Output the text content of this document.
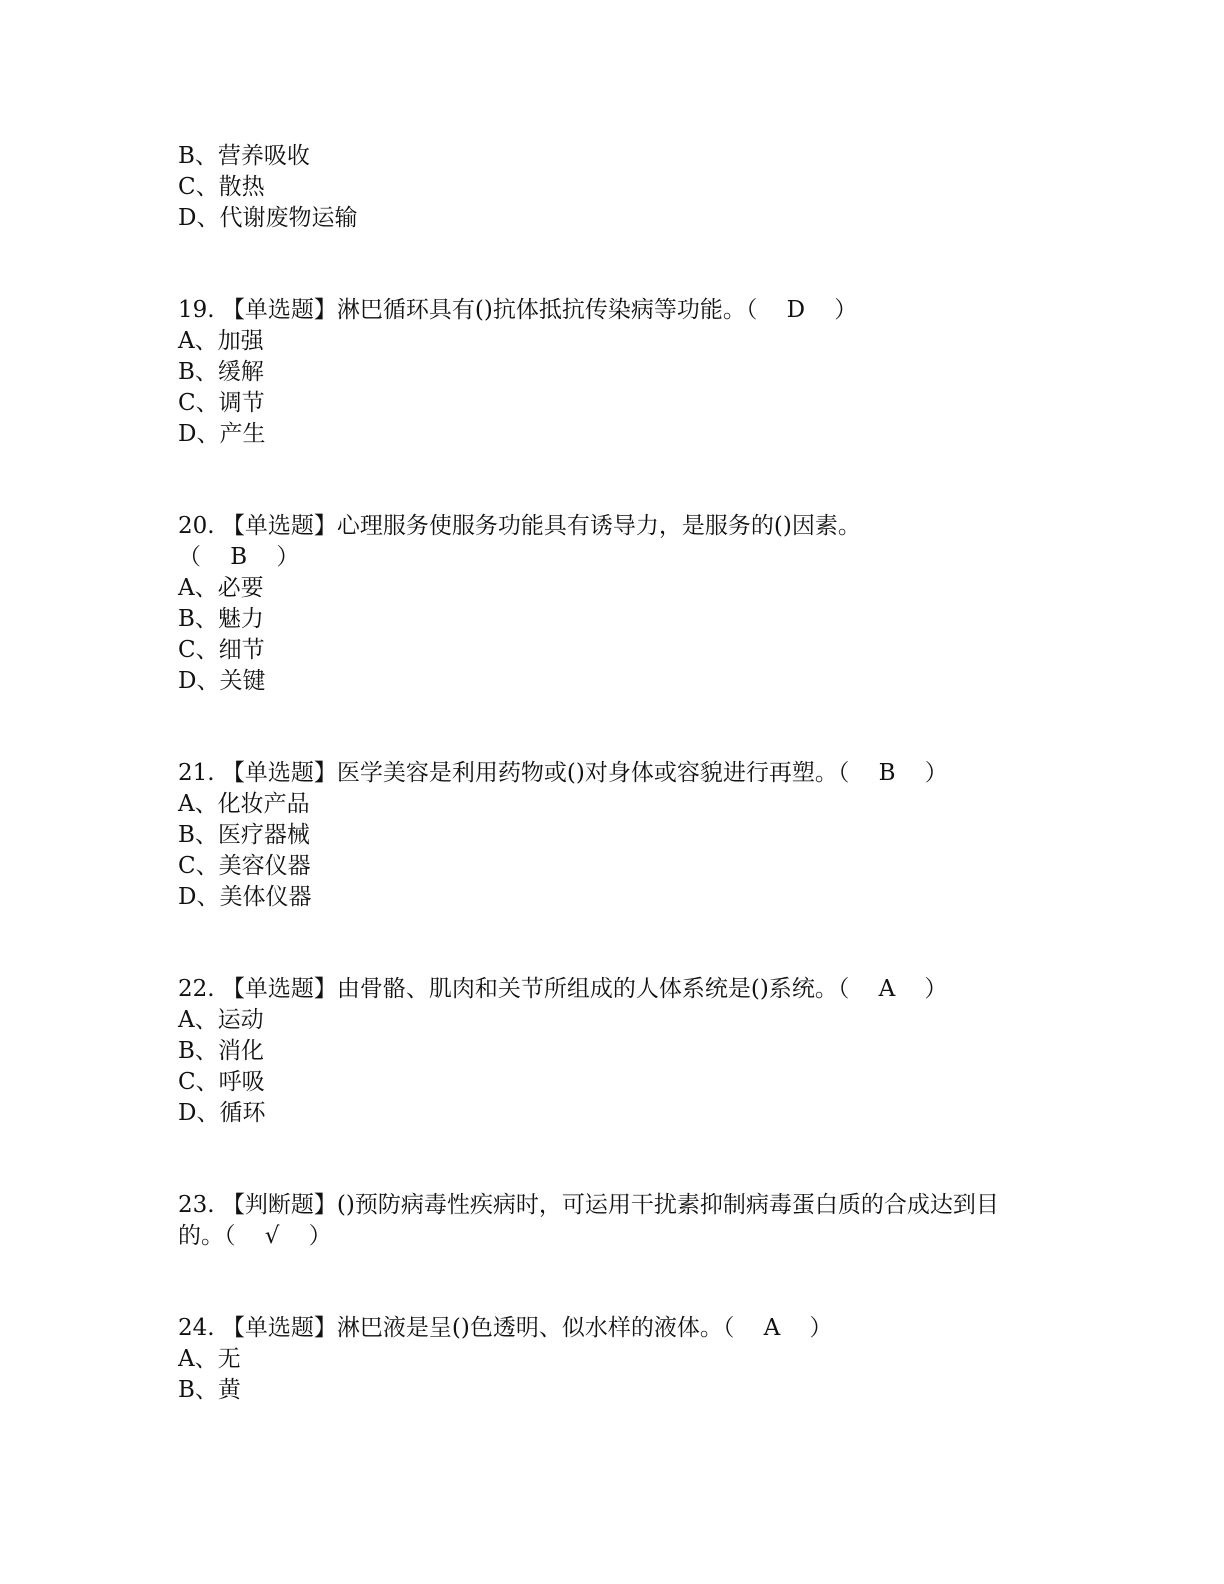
B、营养吸收
C、散热
D、代谢废物运输
19. 【单选题】淋巴循环具有()抗体抵抗传染病等功能。（    D    ）
A、加强
B、缓解
C、调节
D、产生
20. 【单选题】心理服务使服务功能具有诱导力，是服务的()因素。
（    B    ）
A、必要
B、魅力
C、细节
D、关键
21. 【单选题】医学美容是利用药物或()对身体或容貌进行再塑。（    B    ）
A、化妆产品
B、医疗器械
C、美容仪器
D、美体仪器
22. 【单选题】由骨骼、肌肉和关节所组成的人体系统是()系统。（    A    ）
A、运动
B、消化
C、呼吸
D、循环
23. 【判断题】()预防病毒性疾病时，可运用干扰素抑制病毒蛋白质的合成达到目
的。（    √    ）
24. 【单选题】淋巴液是呈()色透明、似水样的液体。（    A    ）
A、无
B、黄
